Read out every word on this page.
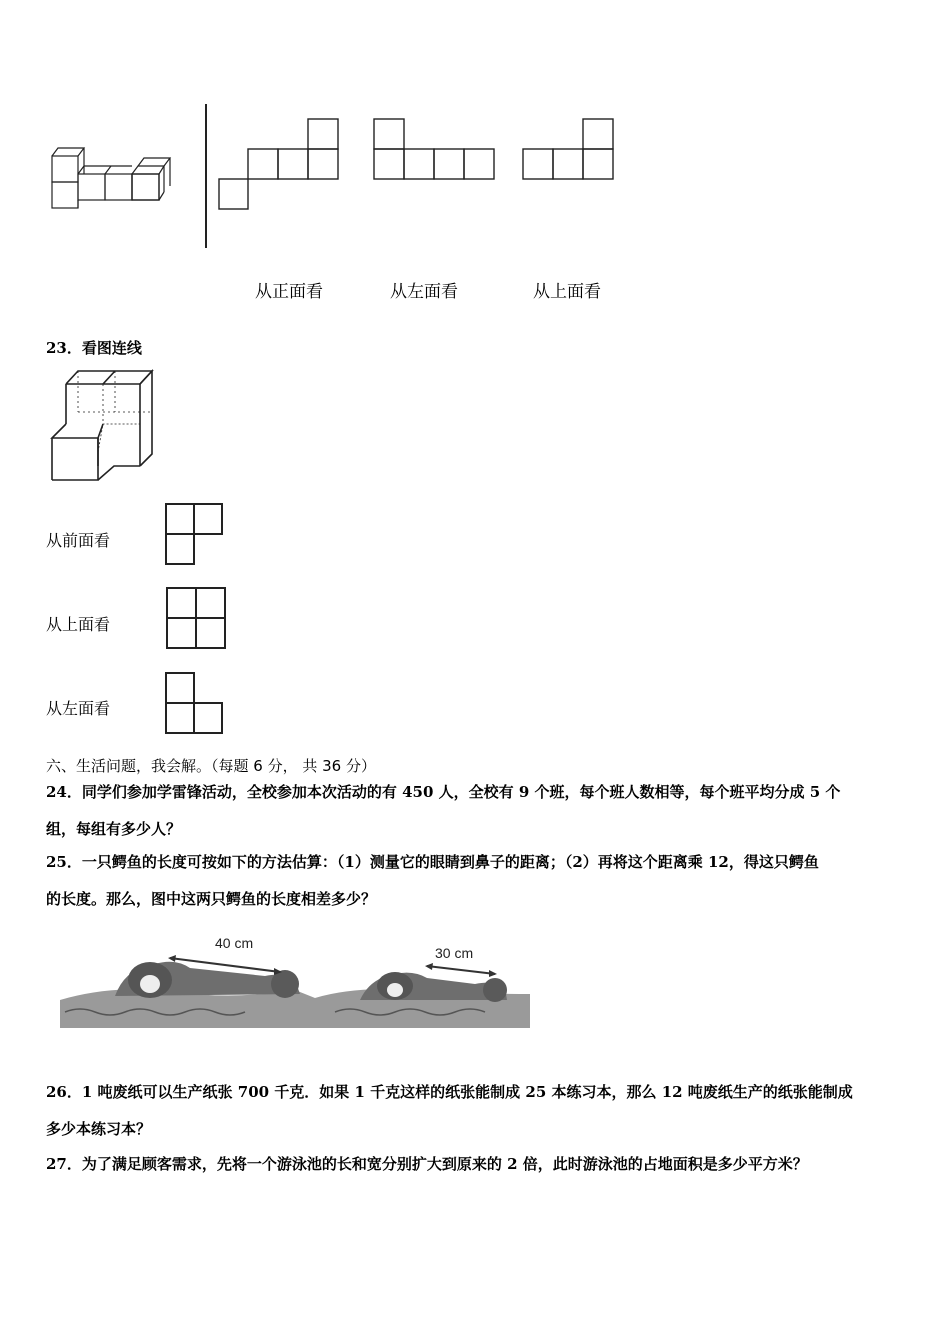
从正面看	从左面看	从上面看
23．看图连线
从前面看
从上面看
从左面看
六、生活问题，我会解。（每题 6 分， 共 36 分）
24．同学们参加学雷锋活动，全校参加本次活动的有 450 人，全校有 9 个班，每个班人数相等，每个班平均分成 5 个
组，每组有多少人？
25．一只鳄鱼的长度可按如下的方法估算：（1）测量它的眼睛到鼻子的距离；（2）再将这个距离乘 12，得这只鳄鱼
的长度。那么，图中这两只鳄鱼的长度相差多少？
40 cm
30 cm
26．1 吨废纸可以生产纸张 700 千克．如果 1 千克这样的纸张能制成 25 本练习本，那么 12 吨废纸生产的纸张能制成
多少本练习本？
27．为了满足顾客需求，先将一个游泳池的长和宽分别扩大到原来的 2 倍，此时游泳池的占地面积是多少平方米？
